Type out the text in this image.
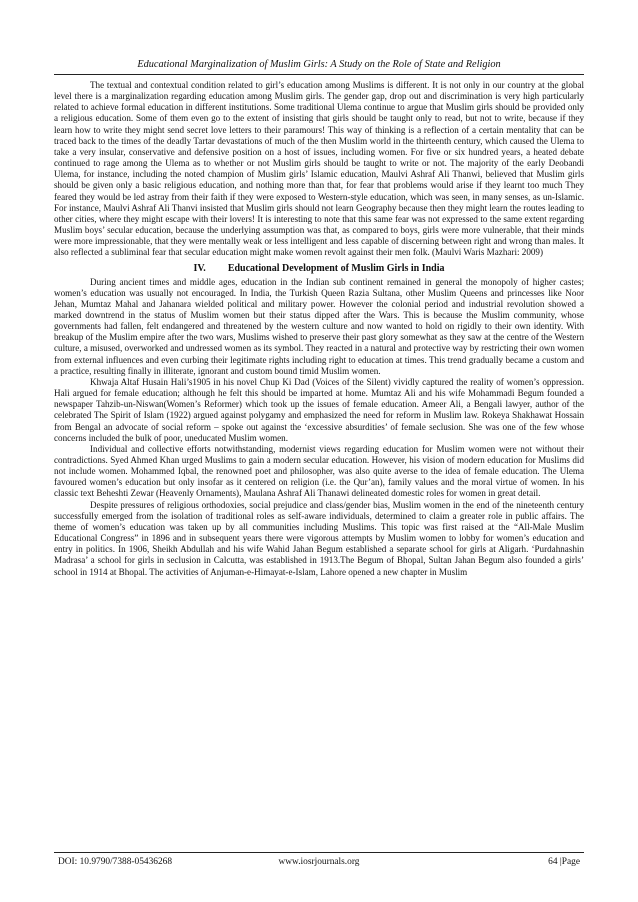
Educational Marginalization of Muslim Girls: A Study on the Role of State and Religion

The textual and contextual condition related to girl’s education among Muslims is different. It is not only in our country at the global level there is a marginalization regarding education among Muslim girls. The gender gap, drop out and discrimination is very high particularly related to achieve formal education in different institutions. Some traditional Ulema continue to argue that Muslim girls should be provided only a religious education. Some of them even go to the extent of insisting that girls should be taught only to read, but not to write, because if they learn how to write they might send secret love letters to their paramours! This way of thinking is a reflection of a certain mentality that can be traced back to the times of the deadly Tartar devastations of much of the then Muslim world in the thirteenth century, which caused the Ulema to take a very insular, conservative and defensive position on a host of issues, including women. For five or six hundred years, a heated debate continued to rage among the Ulema as to whether or not Muslim girls should be taught to write or not. The majority of the early Deobandi Ulema, for instance, including the noted champion of Muslim girls’ Islamic education, Maulvi Ashraf Ali Thanwi, believed that Muslim girls should be given only a basic religious education, and nothing more than that, for fear that problems would arise if they learnt too much They feared they would be led astray from their faith if they were exposed to Western-style education, which was seen, in many senses, as un-Islamic. For instance, Maulvi Ashraf Ali Thanvi insisted that Muslim girls should not learn Geography because then they might learn the routes leading to other cities, where they might escape with their lovers! It is interesting to note that this same fear was not expressed to the same extent regarding Muslim boys’ secular education, because the underlying assumption was that, as compared to boys, girls were more vulnerable, that their minds were more impressionable, that they were mentally weak or less intelligent and less capable of discerning between right and wrong than males. It also reflected a subliminal fear that secular education might make women revolt against their men folk. (Maulvi Waris Mazhari: 2009)

IV. Educational Development of Muslim Girls in India

During ancient times and middle ages, education in the Indian sub continent remained in general the monopoly of higher castes; women’s education was usually not encouraged. In India, the Turkish Queen Razia Sultana, other Muslim Queens and princesses like Noor Jehan, Mumtaz Mahal and Jahanara wielded political and military power. However the colonial period and industrial revolution showed a marked downtrend in the status of Muslim women but their status dipped after the Wars. This is because the Muslim community, whose governments had fallen, felt endangered and threatened by the western culture and now wanted to hold on rigidly to their own identity. With breakup of the Muslim empire after the two wars, Muslims wished to preserve their past glory somewhat as they saw at the centre of the Western culture, a misused, overworked and undressed women as its symbol. They reacted in a natural and protective way by restricting their own women from external influences and even curbing their legitimate rights including right to education at times. This trend gradually became a custom and a practice, resulting finally in illiterate, ignorant and custom bound timid Muslim women.

Khwaja Altaf Husain Hali’s1905 in his novel Chup Ki Dad (Voices of the Silent) vividly captured the reality of women’s oppression. Hali argued for female education; although he felt this should be imparted at home. Mumtaz Ali and his wife Mohammadi Begum founded a newspaper Tahzib-un-Niswan(Women’s Reformer) which took up the issues of female education. Ameer Ali, a Bengali lawyer, author of the celebrated The Spirit of Islam (1922) argued against polygamy and emphasized the need for reform in Muslim law. Rokeya Shakhawat Hossain from Bengal an advocate of social reform – spoke out against the ‘excessive absurdities’ of female seclusion. She was one of the few whose concerns included the bulk of poor, uneducated Muslim women.

Individual and collective efforts notwithstanding, modernist views regarding education for Muslim women were not without their contradictions. Syed Ahmed Khan urged Muslims to gain a modern secular education. However, his vision of modern education for Muslims did not include women. Mohammed Iqbal, the renowned poet and philosopher, was also quite averse to the idea of female education. The Ulema favoured women’s education but only insofar as it centered on religion (i.e. the Qur’an), family values and the moral virtue of women. In his classic text Beheshti Zewar (Heavenly Ornaments), Maulana Ashraf Ali Thanawi delineated domestic roles for women in great detail.

Despite pressures of religious orthodoxies, social prejudice and class/gender bias, Muslim women in the end of the nineteenth century successfully emerged from the isolation of traditional roles as self-aware individuals, determined to claim a greater role in public affairs. The theme of women’s education was taken up by all communities including Muslims. This topic was first raised at the “All-Male Muslim Educational Congress” in 1896 and in subsequent years there were vigorous attempts by Muslim women to lobby for women’s education and entry in politics. In 1906, Sheikh Abdullah and his wife Wahid Jahan Begum established a separate school for girls at Aligarh. ‘Purdahnashin Madrasa’ a school for girls in seclusion in Calcutta, was established in 1913.The Begum of Bhopal, Sultan Jahan Begum also founded a girls’ school in 1914 at Bhopal. The activities of Anjuman-e-Himayat-e-Islam, Lahore opened a new chapter in Muslim

DOI: 10.9790/7388-05436268	www.iosrjournals.org	64 |Page
